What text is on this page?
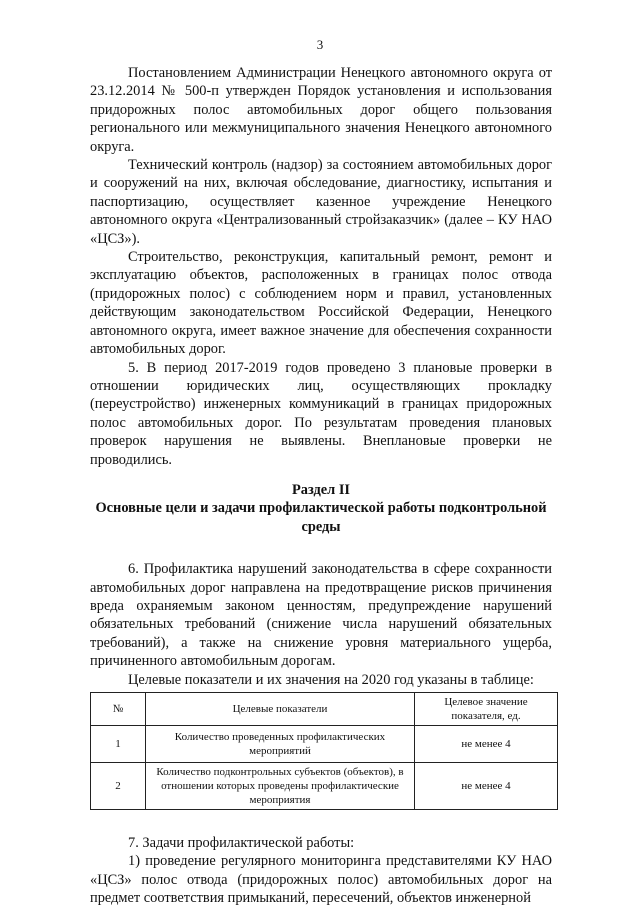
3

Постановлением Администрации Ненецкого автономного округа от 23.12.2014 № 500-п утвержден Порядок установления и использования придорожных полос автомобильных дорог общего пользования регионального или межмуниципального значения Ненецкого автономного округа.

Технический контроль (надзор) за состоянием автомобильных дорог и сооружений на них, включая обследование, диагностику, испытания и паспортизацию, осуществляет казенное учреждение Ненецкого автономного округа «Централизованный стройзаказчик» (далее – КУ НАО «ЦСЗ»).

Строительство, реконструкция, капитальный ремонт, ремонт и эксплуатацию объектов, расположенных в границах полос отвода (придорожных полос) с соблюдением норм и правил, установленных действующим законодательством Российской Федерации, Ненецкого автономного округа, имеет важное значение для обеспечения сохранности автомобильных дорог.

5. В период 2017-2019 годов проведено 3 плановые проверки в отношении юридических лиц, осуществляющих прокладку (переустройство) инженерных коммуникаций в границах придорожных полос автомобильных дорог. По результатам проведения плановых проверок нарушения не выявлены. Внеплановые проверки не проводились.

Раздел II

Основные цели и задачи профилактической работы подконтрольной среды

6. Профилактика нарушений законодательства в сфере сохранности автомобильных дорог направлена на предотвращение рисков причинения вреда охраняемым законом ценностям, предупреждение нарушений обязательных требований (снижение числа нарушений обязательных требований), а также на снижение уровня материального ущерба, причиненного автомобильным дорогам.

Целевые показатели и их значения на 2020 год указаны в таблице:

№	Целевые показатели	Целевое значение показателя, ед.
1	Количество проведенных профилактических мероприятий	не менее 4
2	Количество подконтрольных субъектов (объектов), в отношении которых проведены профилактические мероприятия	не менее 4

7. Задачи профилактической работы:

1) проведение регулярного мониторинга представителями КУ НАО «ЦСЗ» полос отвода (придорожных полос) автомобильных дорог на предмет соответствия примыканий, пересечений, объектов инженерной
